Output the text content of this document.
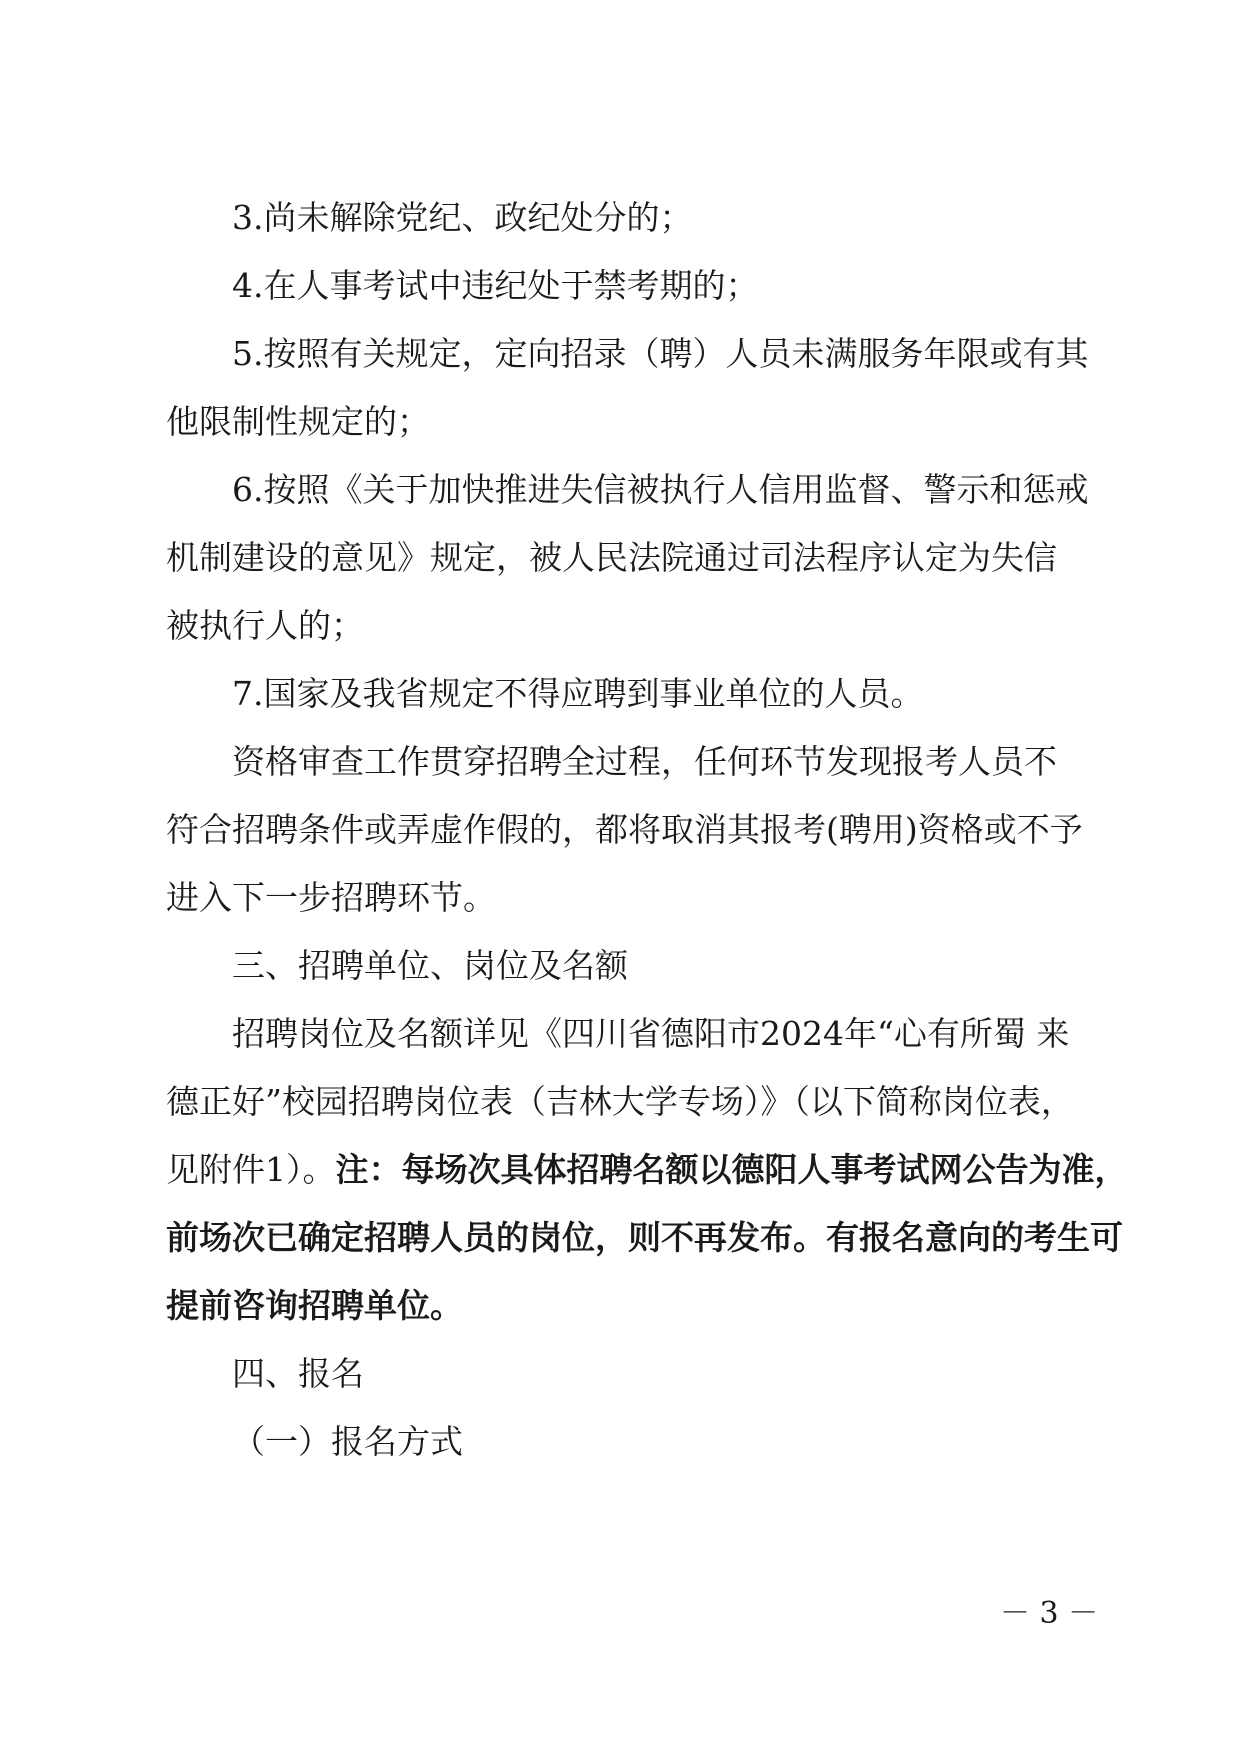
3.尚未解除党纪、政纪处分的；
4.在人事考试中违纪处于禁考期的；
5.按照有关规定，定向招录（聘）人员未满服务年限或有其
他限制性规定的；
6.按照《关于加快推进失信被执行人信用监督、警示和惩戒
机制建设的意见》规定，被人民法院通过司法程序认定为失信
被执行人的；
7.国家及我省规定不得应聘到事业单位的人员。
资格审查工作贯穿招聘全过程，任何环节发现报考人员不
符合招聘条件或弄虚作假的，都将取消其报考(聘用)资格或不予
进入下一步招聘环节。
三、招聘单位、岗位及名额
招聘岗位及名额详见《四川省德阳市2024年“心有所蜀 来
德正好”校园招聘岗位表（吉林大学专场）》（以下简称岗位表，
见附件1）。注：每场次具体招聘名额以德阳人事考试网公告为准，
前场次已确定招聘人员的岗位，则不再发布。有报名意向的考生可
提前咨询招聘单位。
四、报名
（一）报名方式
－ 3 －
